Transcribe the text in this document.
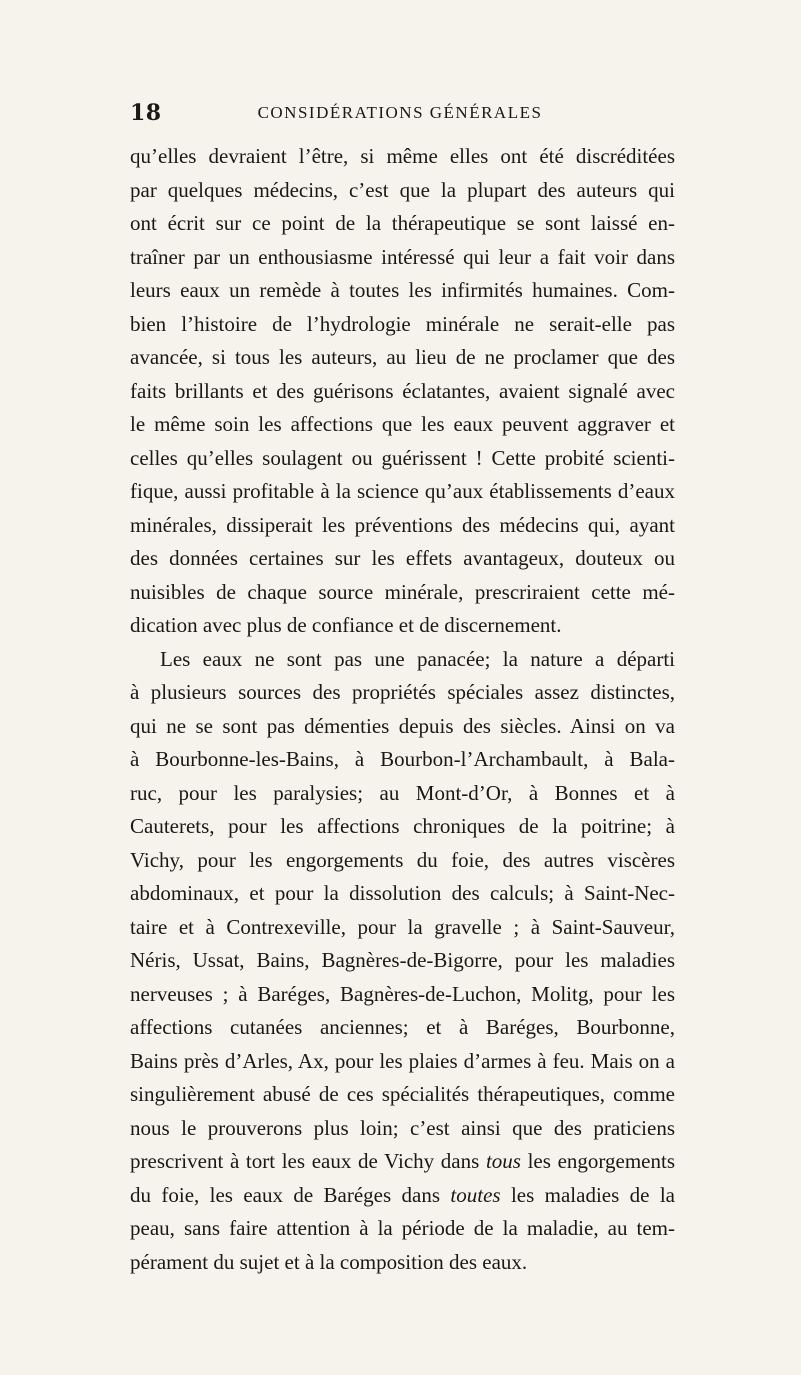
18	CONSIDÉRATIONS GÉNÉRALES
qu’elles devraient l’être, si même elles ont été discréditées
par quelques médecins, c’est que la plupart des auteurs qui
ont écrit sur ce point de la thérapeutique se sont laissé en-
traîner par un enthousiasme intéressé qui leur a fait voir dans
leurs eaux un remède à toutes les infirmités humaines. Com-
bien l’histoire de l’hydrologie minérale ne serait-elle pas
avancée, si tous les auteurs, au lieu de ne proclamer que des
faits brillants et des guérisons éclatantes, avaient signalé avec
le même soin les affections que les eaux peuvent aggraver et
celles qu’elles soulagent ou guérissent ! Cette probité scienti-
fique, aussi profitable à la science qu’aux établissements d’eaux
minérales, dissiperait les préventions des médecins qui, ayant
des données certaines sur les effets avantageux, douteux ou
nuisibles de chaque source minérale, prescriraient cette mé-
dication avec plus de confiance et de discernement.
Les eaux ne sont pas une panacée; la nature a départi
à plusieurs sources des propriétés spéciales assez distinctes,
qui ne se sont pas démenties depuis des siècles. Ainsi on va
à Bourbonne-les-Bains, à Bourbon-l’Archambault, à Bala-
ruc, pour les paralysies; au Mont-d’Or, à Bonnes et à
Cauterets, pour les affections chroniques de la poitrine; à
Vichy, pour les engorgements du foie, des autres viscères
abdominaux, et pour la dissolution des calculs; à Saint-Nec-
taire et à Contrexeville, pour la gravelle ; à Saint-Sauveur,
Néris, Ussat, Bains, Bagnères-de-Bigorre, pour les maladies
nerveuses ; à Baréges, Bagnères-de-Luchon, Molitg, pour les
affections cutanées anciennes; et à Baréges, Bourbonne,
Bains près d’Arles, Ax, pour les plaies d’armes à feu. Mais on a
singulièrement abusé de ces spécialités thérapeutiques, comme
nous le prouverons plus loin; c’est ainsi que des praticiens
prescrivent à tort les eaux de Vichy dans tous les engorgements
du foie, les eaux de Baréges dans toutes les maladies de la
peau, sans faire attention à la période de la maladie, au tem-
pérament du sujet et à la composition des eaux.
